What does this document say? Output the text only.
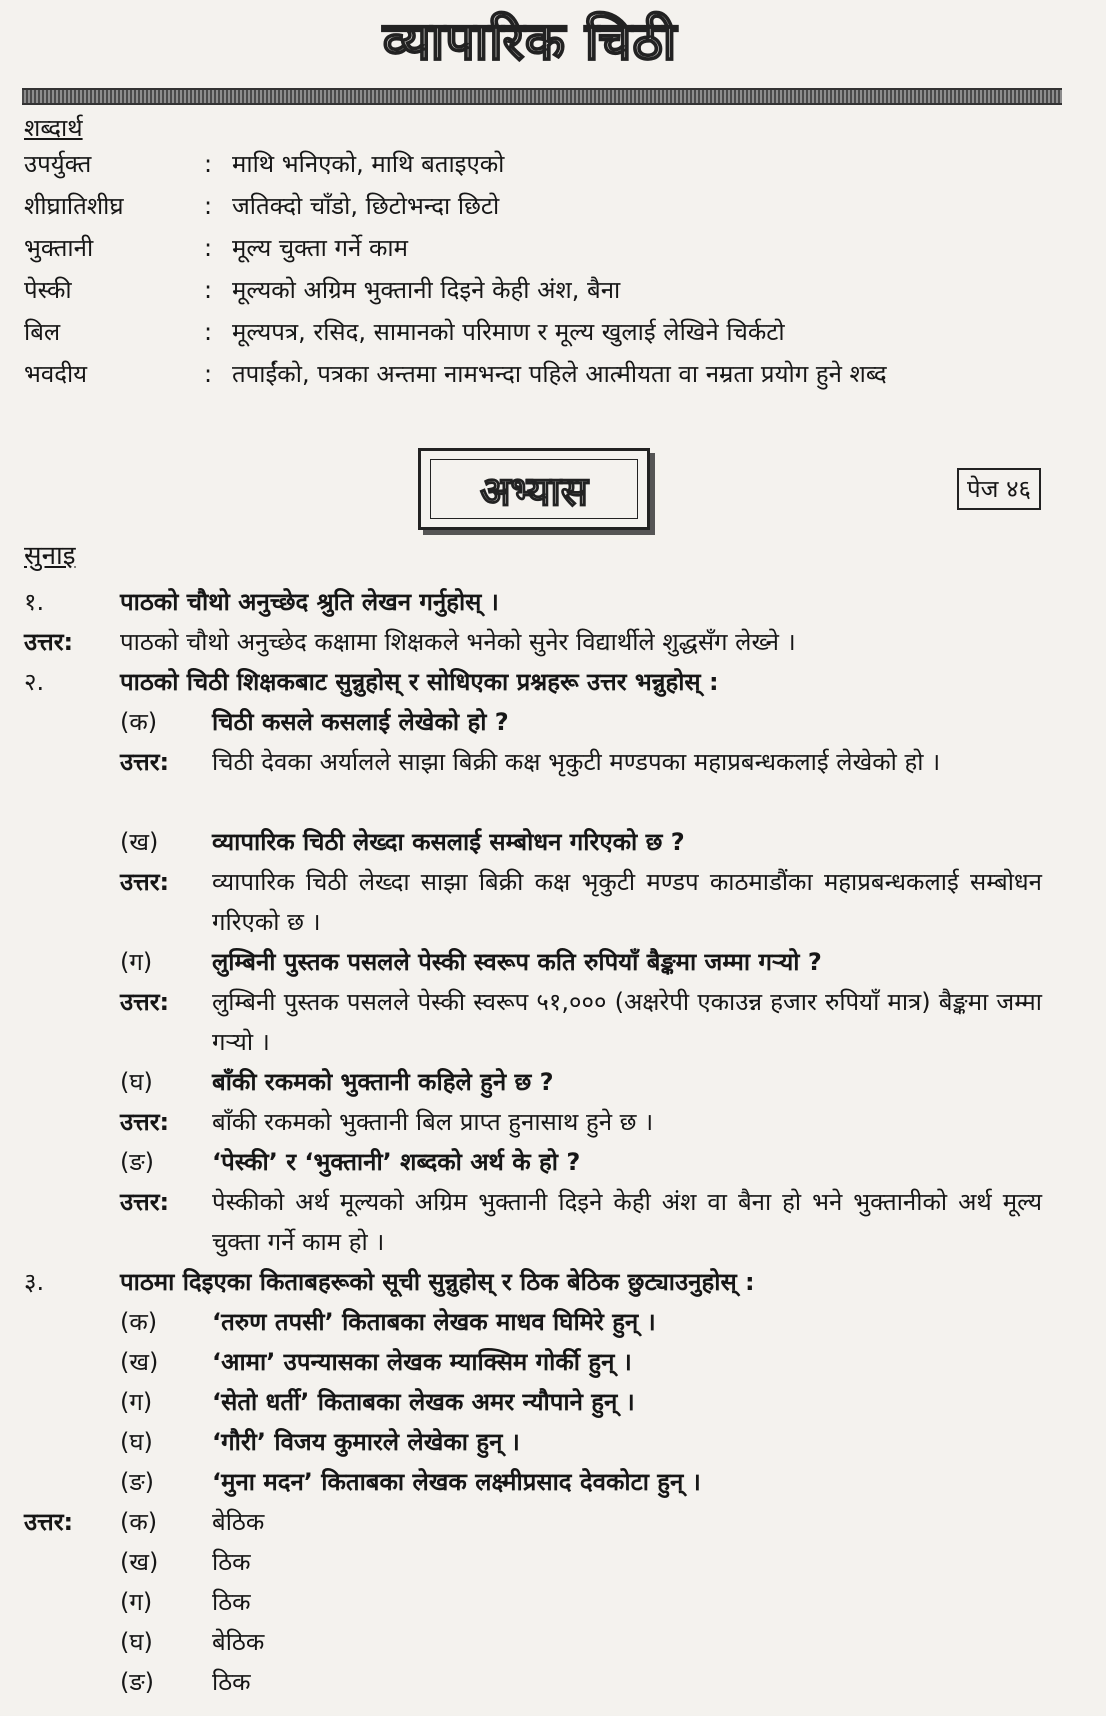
व्यापारिक चिठी
शब्दार्थ
उपर्युक्त	: माथि भनिएको, माथि बताइएको
शीघ्रातिशीघ्र	: जतिक्दो चाँडो, छिटोभन्दा छिटो
भुक्तानी	: मूल्य चुक्ता गर्ने काम
पेस्की	: मूल्यको अग्रिम भुक्तानी दिइने केही अंश, बैना
बिल	: मूल्यपत्र, रसिद, सामानको परिमाण र मूल्य खुलाई लेखिने चिर्कटो
भवदीय	: तपाईंको, पत्रका अन्तमा नामभन्दा पहिले आत्मीयता वा नम्रता प्रयोग हुने शब्द
अभ्यास	पेज ४६
सुनाइ
१.	पाठको चौथो अनुच्छेद श्रुति लेखन गर्नुहोस् ।
उत्तर: पाठको चौथो अनुच्छेद कक्षामा शिक्षकले भनेको सुनेर विद्यार्थीले शुद्धसँग लेख्ने ।
२.	पाठको चिठी शिक्षकबाट सुन्नुहोस् र सोधिएका प्रश्नहरू उत्तर भन्नुहोस् :
(क) चिठी कसले कसलाई लेखेको हो ?
उत्तर: चिठी देवका अर्यालले साझा बिक्री कक्ष भृकुटी मण्डपका महाप्रबन्धकलाई लेखेको हो ।
(ख) व्यापारिक चिठी लेख्दा कसलाई सम्बोधन गरिएको छ ?
उत्तर: व्यापारिक चिठी लेख्दा साझा बिक्री कक्ष भृकुटी मण्डप काठमाडौंका महाप्रबन्धकलाई सम्बोधन गरिएको छ ।
(ग) लुम्बिनी पुस्तक पसलले पेस्की स्वरूप कति रुपियाँ बैङ्कमा जम्मा गऱ्यो ?
उत्तर: लुम्बिनी पुस्तक पसलले पेस्की स्वरूप ५१,००० (अक्षरेपी एकाउन्न हजार रुपियाँ मात्र) बैङ्कमा जम्मा गऱ्यो ।
(घ) बाँकी रकमको भुक्तानी कहिले हुने छ ?
उत्तर: बाँकी रकमको भुक्तानी बिल प्राप्त हुनासाथ हुने छ ।
(ङ) ‘पेस्की’ र ‘भुक्तानी’ शब्दको अर्थ के हो ?
उत्तर: पेस्कीको अर्थ मूल्यको अग्रिम भुक्तानी दिइने केही अंश वा बैना हो भने भुक्तानीको अर्थ मूल्य चुक्ता गर्ने काम हो ।
३.	पाठमा दिइएका किताबहरूको सूची सुन्नुहोस् र ठिक बेठिक छुट्याउनुहोस् :
(क) ‘तरुण तपसी’ किताबका लेखक माधव घिमिरे हुन् ।
(ख) ‘आमा’ उपन्यासका लेखक म्याक्सिम गोर्की हुन् ।
(ग) ‘सेतो धर्ती’ किताबका लेखक अमर न्यौपाने हुन् ।
(घ) ‘गौरी’ विजय कुमारले लेखेका हुन् ।
(ङ) ‘मुना मदन’ किताबका लेखक लक्ष्मीप्रसाद देवकोटा हुन् ।
उत्तर: (क) बेठिक
(ख) ठिक
(ग) ठिक
(घ) बेठिक
(ङ) ठिक
